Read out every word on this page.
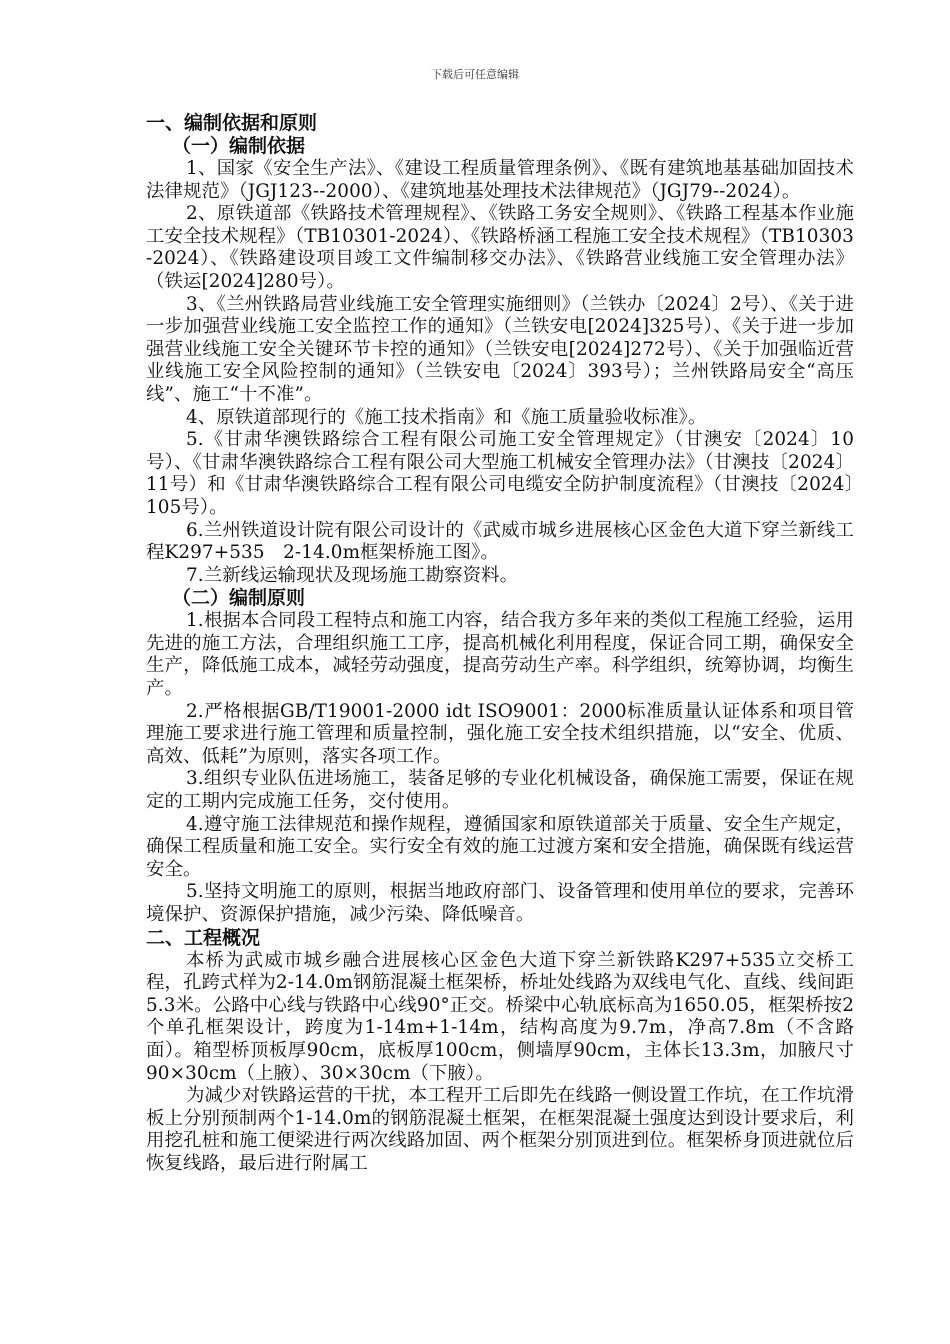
下载后可任意编辑
一、编制依据和原则
（一）编制依据

1、国家《安全生产法》、《建设工程质量管理条例》、《既有建筑地基基础加固技术法律规范》（JGJ123--2000）、《建筑地基处理技术法律规范》（JGJ79--2024）。

2、原铁道部《铁路技术管理规程》、《铁路工务安全规则》、《铁路工程基本作业施工安全技术规程》（TB10301-2024）、《铁路桥涵工程施工安全技术规程》（TB10303-2024）、《铁路建设项目竣工文件编制移交办法》、《铁路营业线施工安全管理办法》（铁运[2024]280号）。

3、《兰州铁路局营业线施工安全管理实施细则》（兰铁办〔2024〕2号）、《关于进一步加强营业线施工安全监控工作的通知》（兰铁安电[2024]325号）、《关于进一步加强营业线施工安全关键环节卡控的通知》（兰铁安电[2024]272号）、《关于加强临近营业线施工安全风险控制的通知》（兰铁安电〔2024〕393号）；兰州铁路局安全“高压线”、施工“十不准”。

4、原铁道部现行的《施工技术指南》和《施工质量验收标准》。

5.《甘肃华澳铁路综合工程有限公司施工安全管理规定》（甘澳安〔2024〕10号）、《甘肃华澳铁路综合工程有限公司大型施工机械安全管理办法》（甘澳技〔2024〕11号）和《甘肃华澳铁路综合工程有限公司电缆安全防护制度流程》（甘澳技〔2024〕105号）。

6.兰州铁道设计院有限公司设计的《武威市城乡进展核心区金色大道下穿兰新线工程K297+535　2-14.0m框架桥施工图》。

7.兰新线运输现状及现场施工勘察资料。

（二）编制原则

1.根据本合同段工程特点和施工内容，结合我方多年来的类似工程施工经验，运用先进的施工方法，合理组织施工工序，提高机械化利用程度，保证合同工期，确保安全生产，降低施工成本，减轻劳动强度，提高劳动生产率。科学组织，统筹协调，均衡生产。

2.严格根据GB/T19001-2000 idt ISO9001：2000标准质量认证体系和项目管理施工要求进行施工管理和质量控制，强化施工安全技术组织措施，以“安全、优质、高效、低耗”为原则，落实各项工作。

3.组织专业队伍进场施工，装备足够的专业化机械设备，确保施工需要，保证在规定的工期内完成施工任务，交付使用。

4.遵守施工法律规范和操作规程，遵循国家和原铁道部关于质量、安全生产规定，确保工程质量和施工安全。实行安全有效的施工过渡方案和安全措施，确保既有线运营安全。

5.坚持文明施工的原则，根据当地政府部门、设备管理和使用单位的要求，完善环境保护、资源保护措施，减少污染、降低噪音。

二、工程概况

本桥为武威市城乡融合进展核心区金色大道下穿兰新铁路K297+535立交桥工程，孔跨式样为2-14.0m钢筋混凝土框架桥，桥址处线路为双线电气化、直线、线间距5.3米。公路中心线与铁路中心线90°正交。桥梁中心轨底标高为1650.05，框架桥按2个单孔框架设计，跨度为1-14m+1-14m，结构高度为9.7m，净高7.8m（不含路面）。箱型桥顶板厚90cm，底板厚100cm，侧墙厚90cm，主体长13.3m，加腋尺寸90×30cm（上腋）、30×30cm（下腋）。

为减少对铁路运营的干扰，本工程开工后即先在线路一侧设置工作坑，在工作坑滑板上分别预制两个1-14.0m的钢筋混凝土框架，在框架混凝土强度达到设计要求后，利用挖孔桩和施工便梁进行两次线路加固、两个框架分别顶进到位。框架桥身顶进就位后恢复线路，最后进行附属工
